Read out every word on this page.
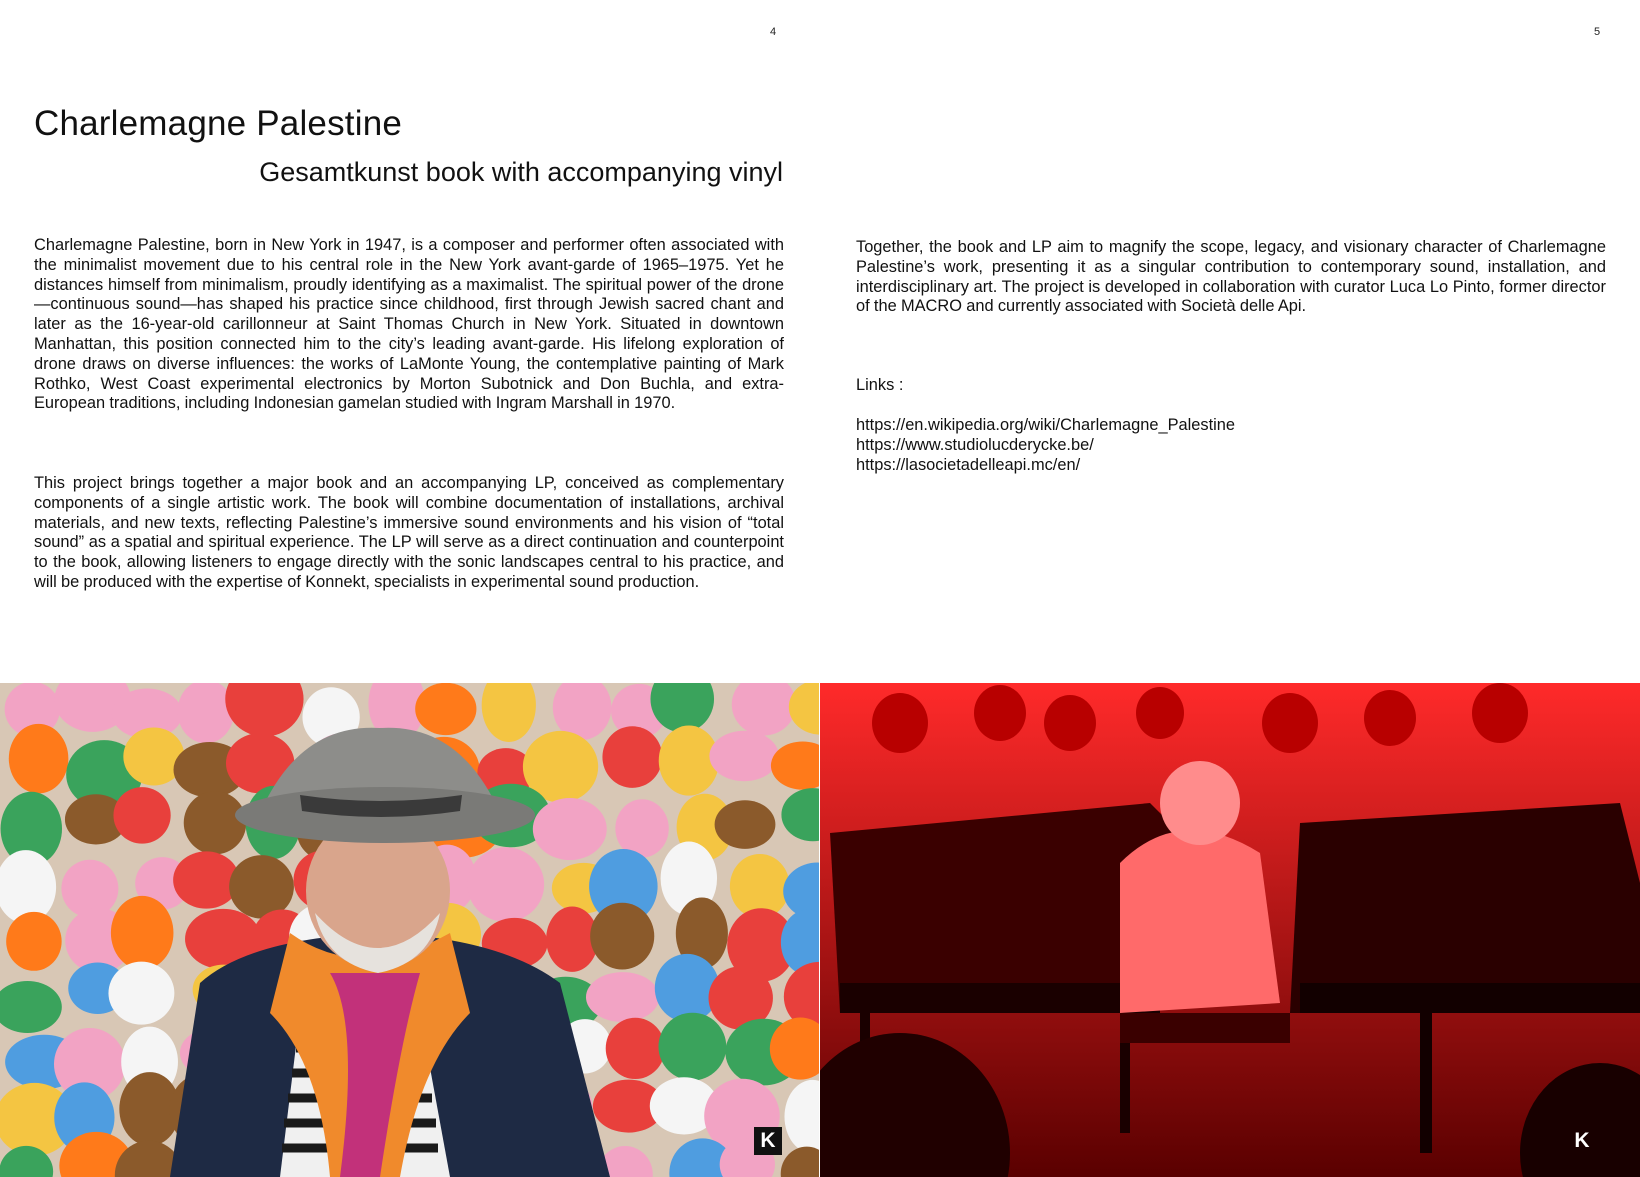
4	5
Charlemagne Palestine
Gesamtkunst book with accompanying vinyl

Charlemagne Palestine, born in New York in 1947, is a composer and performer often associated with the minimalist movement due to his central role in the New York avant-garde of 1965–1975. Yet he distances himself from minimalism, proudly identifying as a maximalist. The spiritual power of the drone—continuous sound—has shaped his practice since childhood, first through Jewish sacred chant and later as the 16-year-old carillonneur at Saint Thomas Church in New York. Situated in downtown Manhattan, this position connected him to the city’s leading avant-garde. His lifelong exploration of drone draws on diverse influences: the works of LaMonte Young, the contemplative painting of Mark Rothko, West Coast experimental electronics by Morton Subotnick and Don Buchla, and extra-European traditions, including Indonesian gamelan studied with Ingram Marshall in 1970.

This project brings together a major book and an accompanying LP, conceived as complementary components of a single artistic work. The book will combine documentation of installations, archival materials, and new texts, reflecting Palestine’s immersive sound environments and his vision of “total sound” as a spatial and spiritual experience. The LP will serve as a direct continuation and counterpoint to the book, allowing listeners to engage directly with the sonic landscapes central to his practice, and will be produced with the expertise of Konnekt, specialists in experimental sound production.

Together, the book and LP aim to magnify the scope, legacy, and visionary character of Charlemagne Palestine’s work, presenting it as a singular contribution to contemporary sound, installation, and interdisciplinary art. The project is developed in collaboration with curator Luca Lo Pinto, former director of the MACRO and currently associated with Società delle Api.

Links :
https://en.wikipedia.org/wiki/Charlemagne_Palestine
https://www.studiolucderycke.be/
https://lasocietadelleapi.mc/en/
K	K
